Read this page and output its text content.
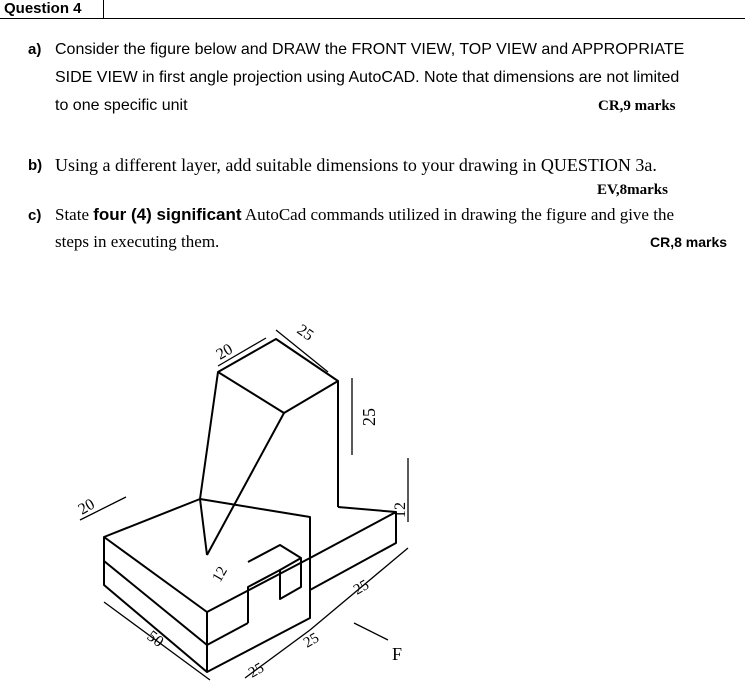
Question 4
a) Consider the figure below and DRAW the FRONT VIEW, TOP VIEW and APPROPRIATE
SIDE VIEW in first angle projection using AutoCAD. Note that dimensions are not limited
to one specific unit	CR,9 marks
b) Using a different layer, add suitable dimensions to your drawing in QUESTION 3a.
EV,8marks
c) State four (4) significant AutoCad commands utilized in drawing the figure and give the
steps in executing them.	CR,8 marks
20
25
25
20
50
12
12
25
25
25
F
